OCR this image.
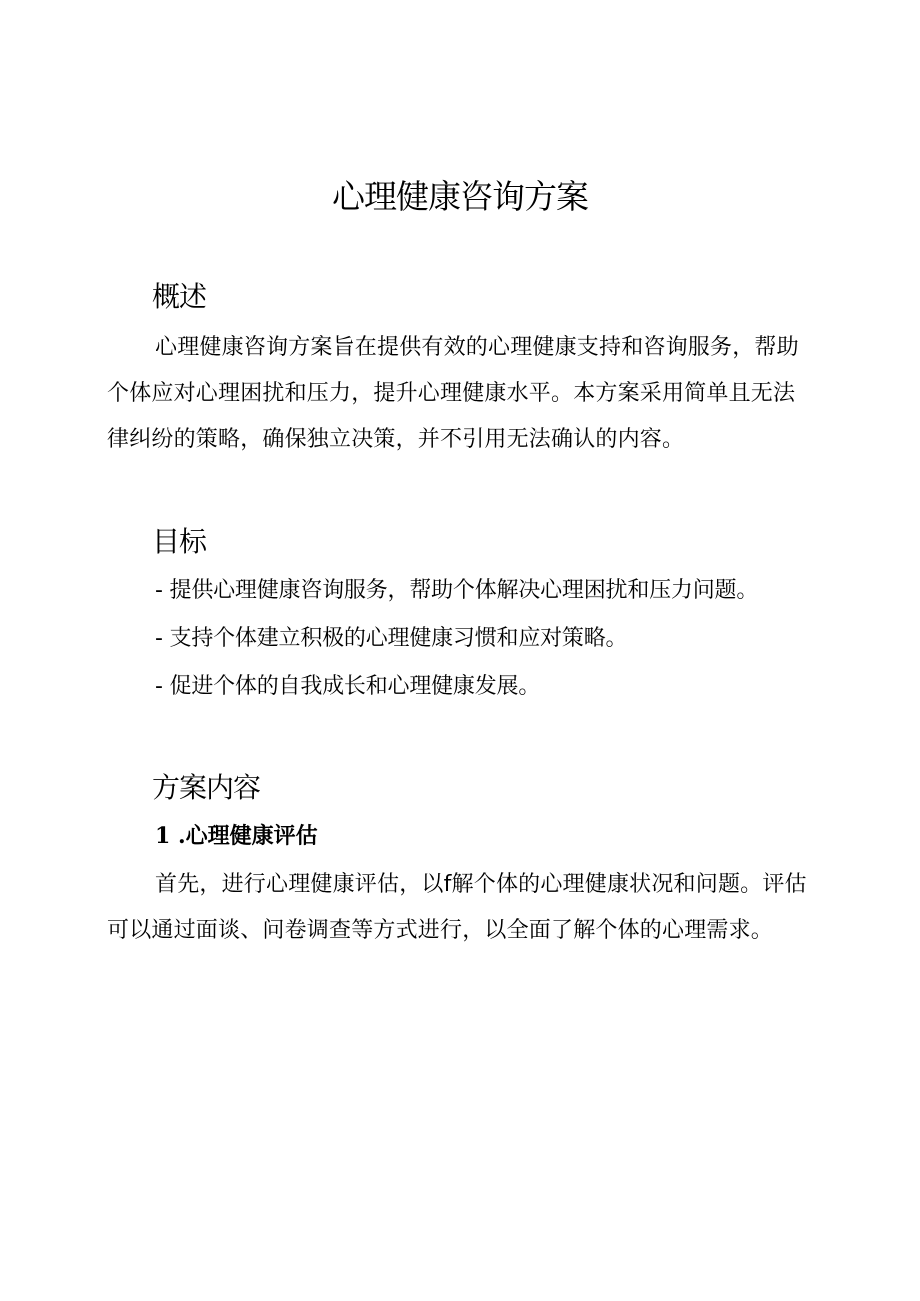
心理健康咨询方案
概述

心理健康咨询方案旨在提供有效的心理健康支持和咨询服务，帮助个体应对心理困扰和压力，提升心理健康水平。本方案采用简单且无法律纠纷的策略，确保独立决策，并不引用无法确认的内容。

目标

- 提供心理健康咨询服务，帮助个体解决心理困扰和压力问题。

- 支持个体建立积极的心理健康习惯和应对策略。

- 促进个体的自我成长和心理健康发展。

方案内容
1 .心理健康评估

首先，进行心理健康评估，以f解个体的心理健康状况和问题。评估可以通过面谈、问卷调查等方式进行，以全面了解个体的心理需求。
